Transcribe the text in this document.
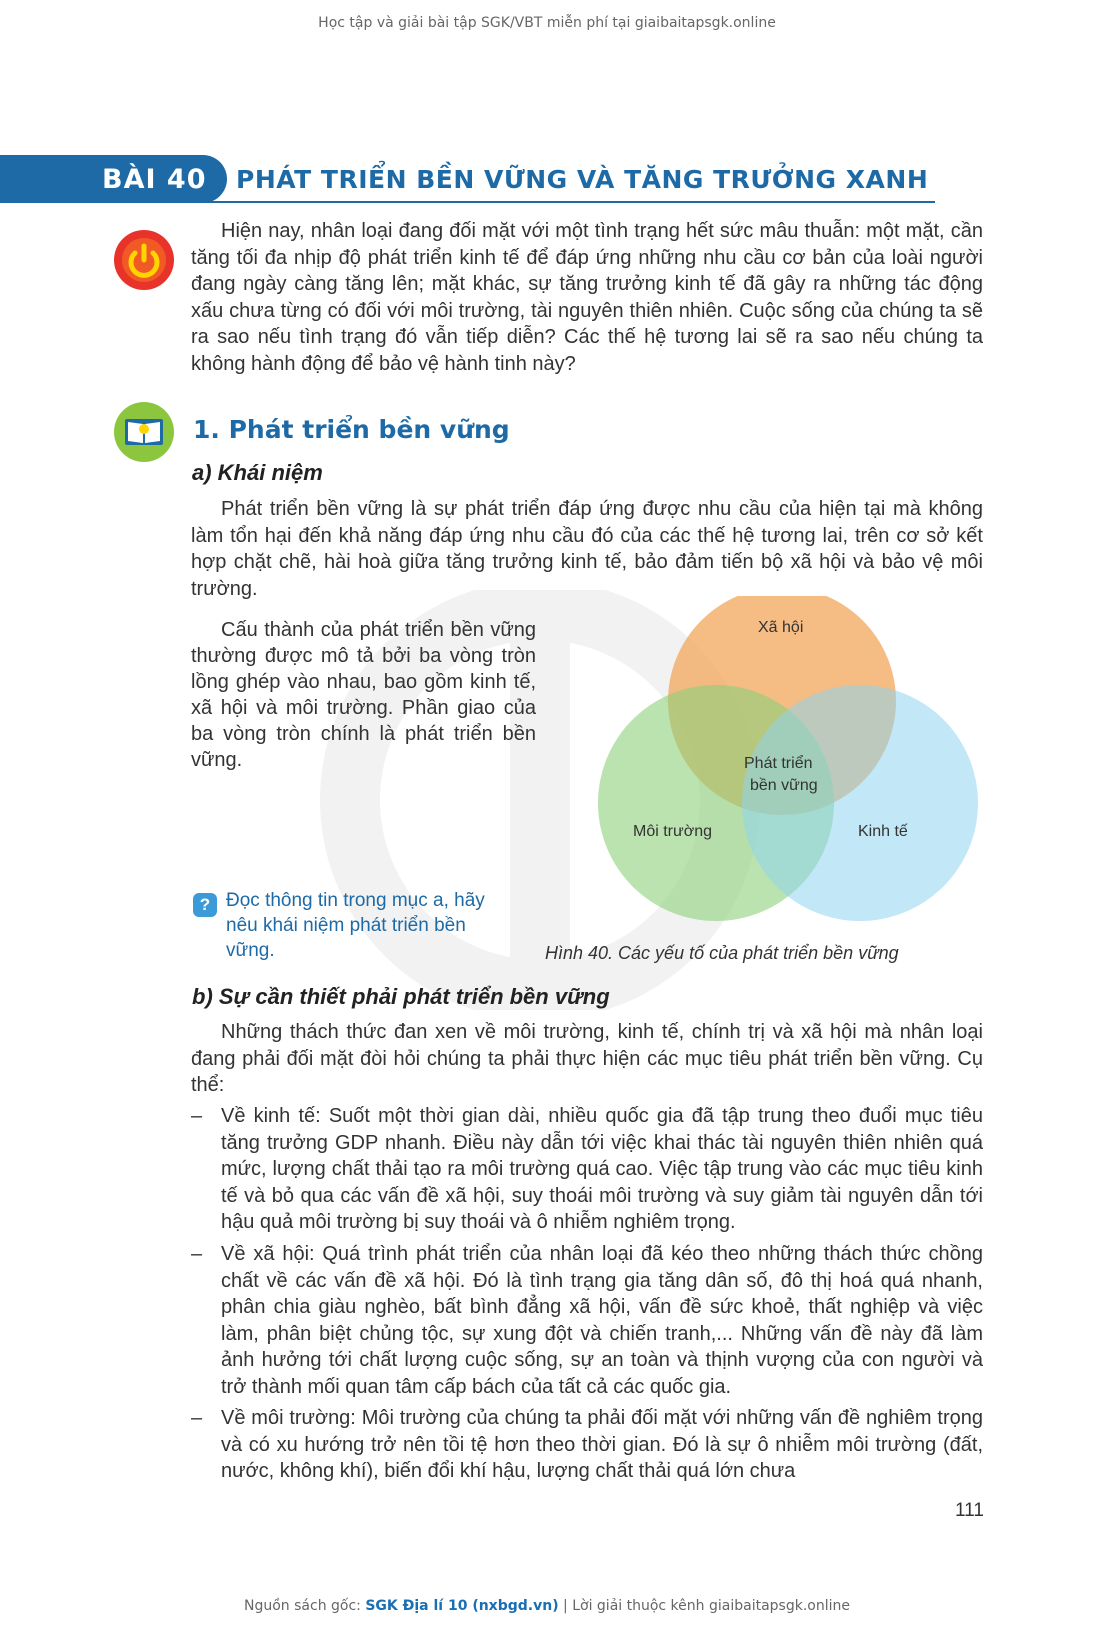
Học tập và giải bài tập SGK/VBT miễn phí tại giaibaitapsgk.online
BÀI 40 PHÁT TRIỂN BỀN VỮNG VÀ TĂNG TRƯỞNG XANH

Hiện nay, nhân loại đang đối mặt với một tình trạng hết sức mâu thuẫn: một mặt, cần tăng tối đa nhịp độ phát triển kinh tế để đáp ứng những nhu cầu cơ bản của loài người đang ngày càng tăng lên; mặt khác, sự tăng trưởng kinh tế đã gây ra những tác động xấu chưa từng có đối với môi trường, tài nguyên thiên nhiên. Cuộc sống của chúng ta sẽ ra sao nếu tình trạng đó vẫn tiếp diễn? Các thế hệ tương lai sẽ ra sao nếu chúng ta không hành động để bảo vệ hành tinh này?

1. Phát triển bền vững
a) Khái niệm

Phát triển bền vững là sự phát triển đáp ứng được nhu cầu của hiện tại mà không làm tổn hại đến khả năng đáp ứng nhu cầu đó của các thế hệ tương lai, trên cơ sở kết hợp chặt chẽ, hài hoà giữa tăng trưởng kinh tế, bảo đảm tiến bộ xã hội và bảo vệ môi trường.

Cấu thành của phát triển bền vững thường được mô tả bởi ba vòng tròn lồng ghép vào nhau, bao gồm kinh tế, xã hội và môi trường. Phần giao của ba vòng tròn chính là phát triển bền vững.

Xã hội
Phát triển
bền vững
Môi trường	Kinh tế
? Đọc thông tin trong mục a, hãy nêu khái niệm phát triển bền vững.	Hình 40. Các yếu tố của phát triển bền vững
b) Sự cần thiết phải phát triển bền vững

Những thách thức đan xen về môi trường, kinh tế, chính trị và xã hội mà nhân loại đang phải đối mặt đòi hỏi chúng ta phải thực hiện các mục tiêu phát triển bền vững. Cụ thể:

– Về kinh tế: Suốt một thời gian dài, nhiều quốc gia đã tập trung theo đuổi mục tiêu tăng trưởng GDP nhanh. Điều này dẫn tới việc khai thác tài nguyên thiên nhiên quá mức, lượng chất thải tạo ra môi trường quá cao. Việc tập trung vào các mục tiêu kinh tế và bỏ qua các vấn đề xã hội, suy thoái môi trường và suy giảm tài nguyên dẫn tới hậu quả môi trường bị suy thoái và ô nhiễm nghiêm trọng.
– Về xã hội: Quá trình phát triển của nhân loại đã kéo theo những thách thức chồng chất về các vấn đề xã hội. Đó là tình trạng gia tăng dân số, đô thị hoá quá nhanh, phân chia giàu nghèo, bất bình đẳng xã hội, vấn đề sức khoẻ, thất nghiệp và việc làm, phân biệt chủng tộc, sự xung đột và chiến tranh,... Những vấn đề này đã làm ảnh hưởng tới chất lượng cuộc sống, sự an toàn và thịnh vượng của con người và trở thành mối quan tâm cấp bách của tất cả các quốc gia.
– Về môi trường: Môi trường của chúng ta phải đối mặt với những vấn đề nghiêm trọng và có xu hướng trở nên tồi tệ hơn theo thời gian. Đó là sự ô nhiễm môi trường (đất, nước, không khí), biến đổi khí hậu, lượng chất thải quá lớn chưa
111
Nguồn sách gốc: SGK Địa lí 10 (nxbgd.vn) | Lời giải thuộc kênh giaibaitapsgk.online
